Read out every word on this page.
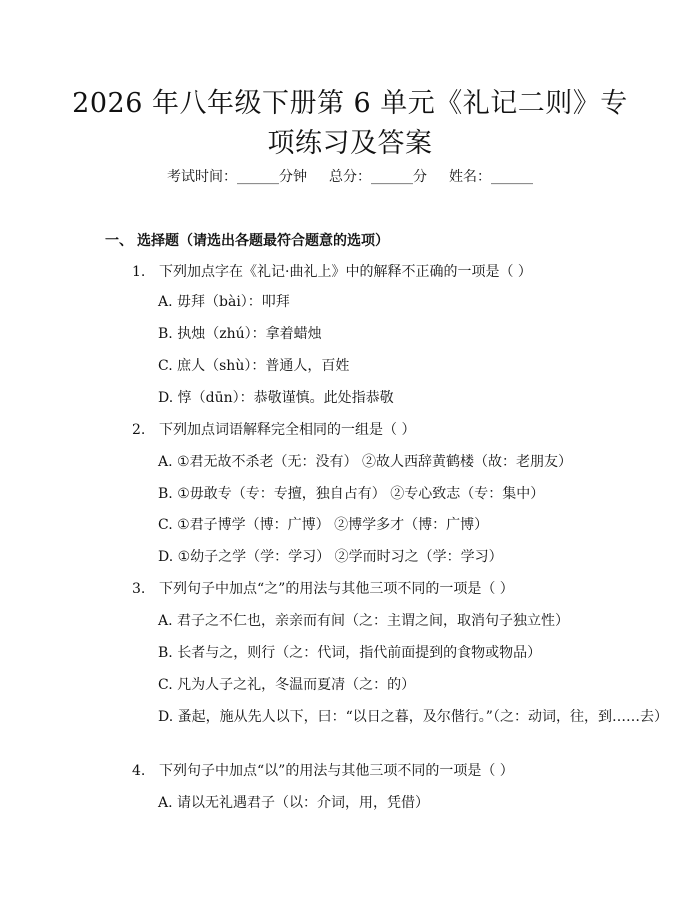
2026 年八年级下册第 6 单元《礼记二则》专项练习及答案
考试时间：______分钟 总分：______分 姓名：______
一、 选择题（请选出各题最符合题意的选项）
1. 下列加点字在《礼记·曲礼上》中的解释不正确的一项是（ ）
A. 毋拜（bài）：叩拜
B. 执烛（zhú）：拿着蜡烛
C. 庶人（shù）：普通人，百姓
D. 惇（dūn）：恭敬谨慎。此处指恭敬
2. 下列加点词语解释完全相同的一组是（ ）
A. ①君无故不杀老（无：没有） ②故人西辞黄鹤楼（故：老朋友）
B. ①毋敢专（专：专擅，独自占有） ②专心致志（专：集中）
C. ①君子博学（博：广博） ②博学多才（博：广博）
D. ①幼子之学（学：学习） ②学而时习之（学：学习）
3. 下列句子中加点“之”的用法与其他三项不同的一项是（ ）
A. 君子之不仁也，亲亲而有间（之：主谓之间，取消句子独立性）
B. 长者与之，则行（之：代词，指代前面提到的食物或物品）
C. 凡为人子之礼，冬温而夏凊（之：的）
D. 蚤起，施从先人以下，曰：“以日之暮，及尔偕行。”（之：动词，往，到……去）
4. 下列句子中加点“以”的用法与其他三项不同的一项是（ ）
A. 请以无礼遇君子（以：介词，用，凭借）
